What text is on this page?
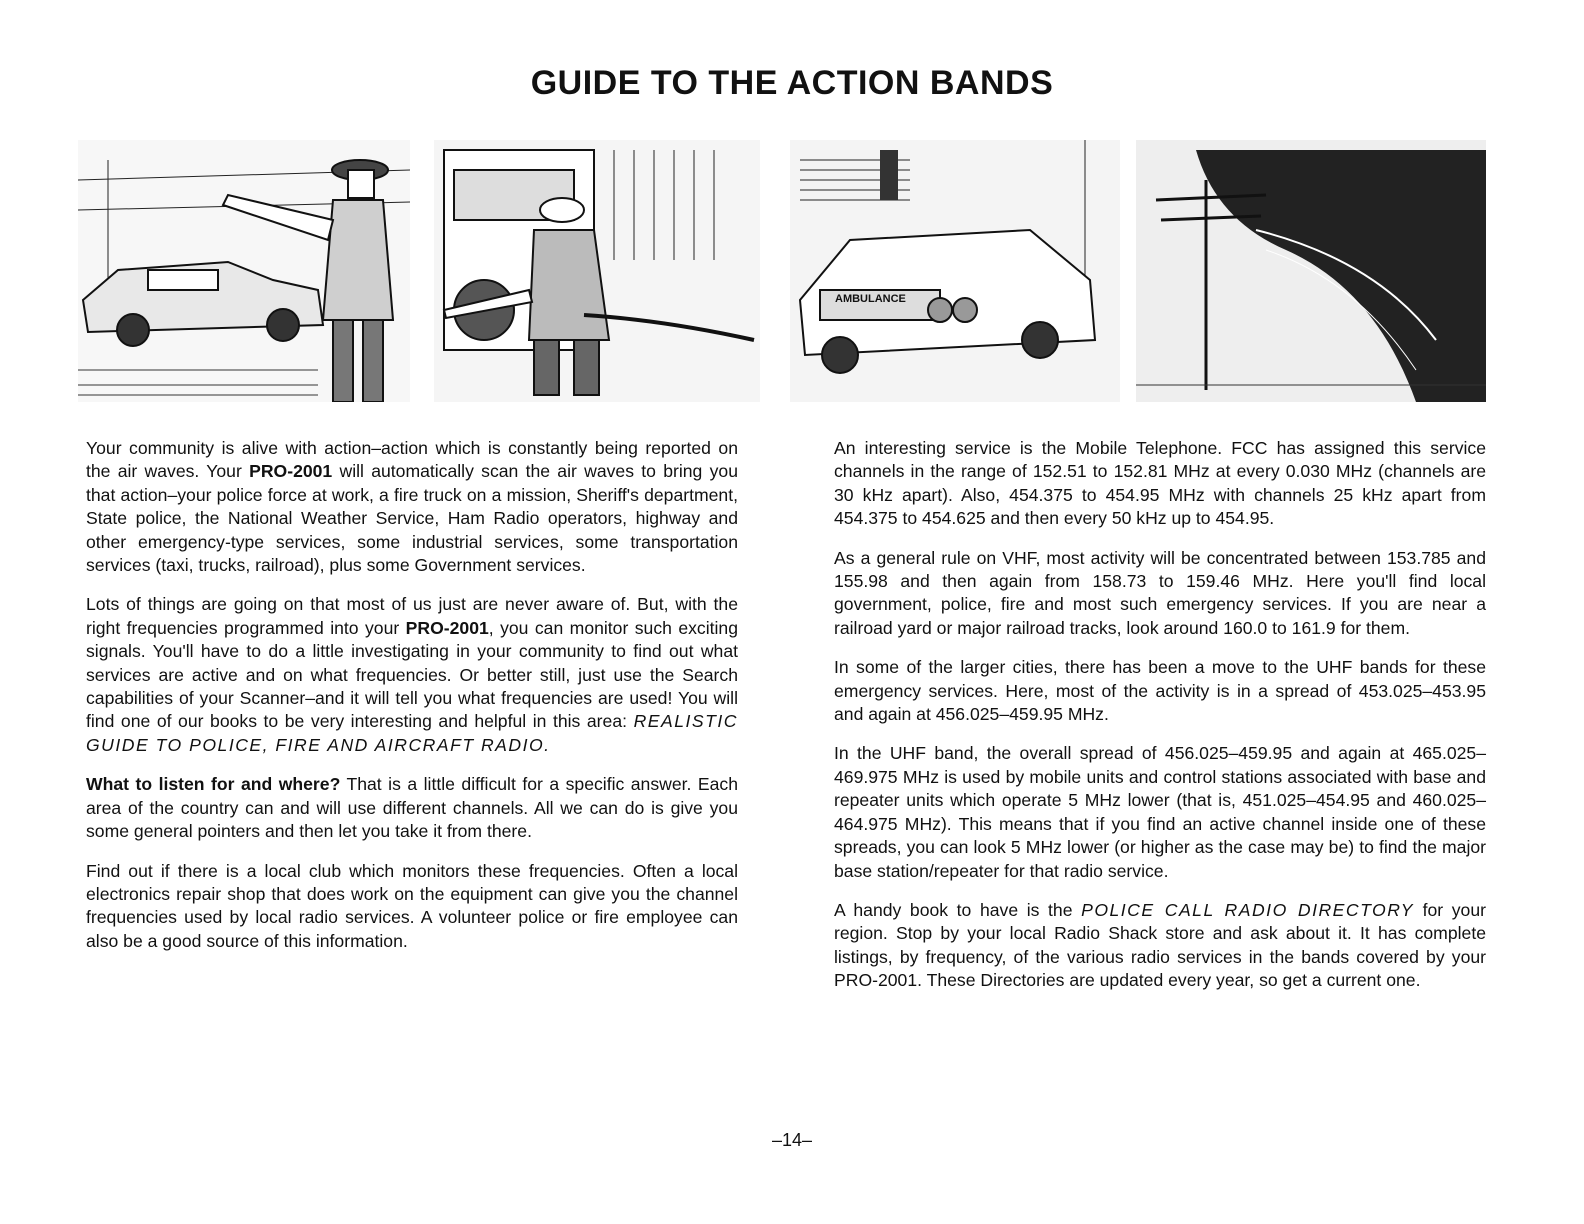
GUIDE TO THE ACTION BANDS
AMBULANCE

Your community is alive with action–action which is constantly being reported on the air waves. Your PRO-2001 will automatically scan the air waves to bring you that action–your police force at work, a fire truck on a mission, Sheriff's department, State police, the National Weather Service, Ham Radio operators, highway and other emergency-type services, some industrial services, some transportation services (taxi, trucks, railroad), plus some Government services.

Lots of things are going on that most of us just are never aware of. But, with the right frequencies programmed into your PRO-2001, you can monitor such exciting signals. You'll have to do a little investigating in your community to find out what services are active and on what frequencies. Or better still, just use the Search capabilities of your Scanner–and it will tell you what frequencies are used! You will find one of our books to be very interesting and helpful in this area: REALISTIC GUIDE TO POLICE, FIRE AND AIRCRAFT RADIO.

What to listen for and where? That is a little difficult for a specific answer. Each area of the country can and will use different channels. All we can do is give you some general pointers and then let you take it from there.

Find out if there is a local club which monitors these frequencies. Often a local electronics repair shop that does work on the equipment can give you the channel frequencies used by local radio services. A volunteer police or fire employee can also be a good source of this information.

An interesting service is the Mobile Telephone. FCC has assigned this service channels in the range of 152.51 to 152.81 MHz at every 0.030 MHz (channels are 30 kHz apart). Also, 454.375 to 454.95 MHz with channels 25 kHz apart from 454.375 to 454.625 and then every 50 kHz up to 454.95.

As a general rule on VHF, most activity will be concentrated between 153.785 and 155.98 and then again from 158.73 to 159.46 MHz. Here you'll find local government, police, fire and most such emergency services. If you are near a railroad yard or major railroad tracks, look around 160.0 to 161.9 for them.

In some of the larger cities, there has been a move to the UHF bands for these emergency services. Here, most of the activity is in a spread of 453.025–453.95 and again at 456.025–459.95 MHz.

In the UHF band, the overall spread of 456.025–459.95 and again at 465.025–469.975 MHz is used by mobile units and control stations associated with base and repeater units which operate 5 MHz lower (that is, 451.025–454.95 and 460.025–464.975 MHz). This means that if you find an active channel inside one of these spreads, you can look 5 MHz lower (or higher as the case may be) to find the major base station/repeater for that radio service.

A handy book to have is the POLICE CALL RADIO DIRECTORY for your region. Stop by your local Radio Shack store and ask about it. It has complete listings, by frequency, of the various radio services in the bands covered by your PRO-2001. These Directories are updated every year, so get a current one.

–14–
